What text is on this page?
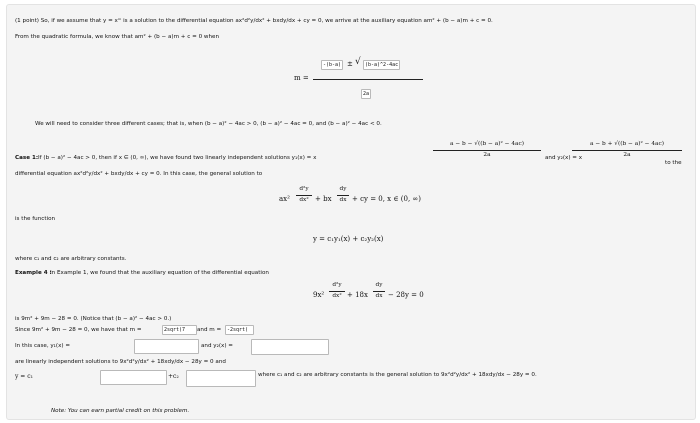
(1 point) So, if we assume that y = xᵐ is a solution to the differential equation ax²d²y/dx² + bxdy/dx + cy = 0, we arrive at the auxiliary equation am² + (b − a)m + c = 0.
From the quadratic formula, we know that am² + (b − a)m + c = 0 when
m =
-(b-a) ± √ (b-a)^2-4ac
2a
We will need to consider three different cases; that is, when (b − a)² − 4ac > 0, (b − a)² − 4ac = 0, and (b − a)² − 4ac < 0.
Case 1: If (b − a)² − 4ac > 0, then if x ∈ (0, ∞), we have found two linearly independent solutions y₁(x) = x
a − b − √((b − a)² − 4ac)
2a	and y₂(x) = x
a − b + √((b − a)² − 4ac)
2a
to the
differential equation ax²d²y/dx² + bxdy/dx + cy = 0. In this case, the general solution to
ax²
d²y
dx² + bx
dy
dx + cy = 0, x ∈ (0, ∞)
is the function
y = c₁y₁(x) + c₂y₂(x)
where c₁ and c₂ are arbitrary constants.
Example 4 :
In Example 1, we found that the auxiliary equation of the differential equation
9x²
d²y
dx² + 18x
dy
dx − 28y = 0
is 9m² + 9m − 28 = 0. (Notice that (b − a)² − 4ac > 0.)
Since 9m² + 9m − 28 = 0, we have that m =	2sqrt(7	and m =	-2sqrt(
In this case, y₁(x) =	and y₂(x) =
are linearly independent solutions to 9x²d²y/dx² + 18xdy/dx − 28y = 0 and
y = c₁	+c₂	where c₁ and c₂ are arbitrary constants is the general solution to 9x²d²y/dx² + 18xdy/dx − 28y = 0.
Note: You can earn partial credit on this problem.
